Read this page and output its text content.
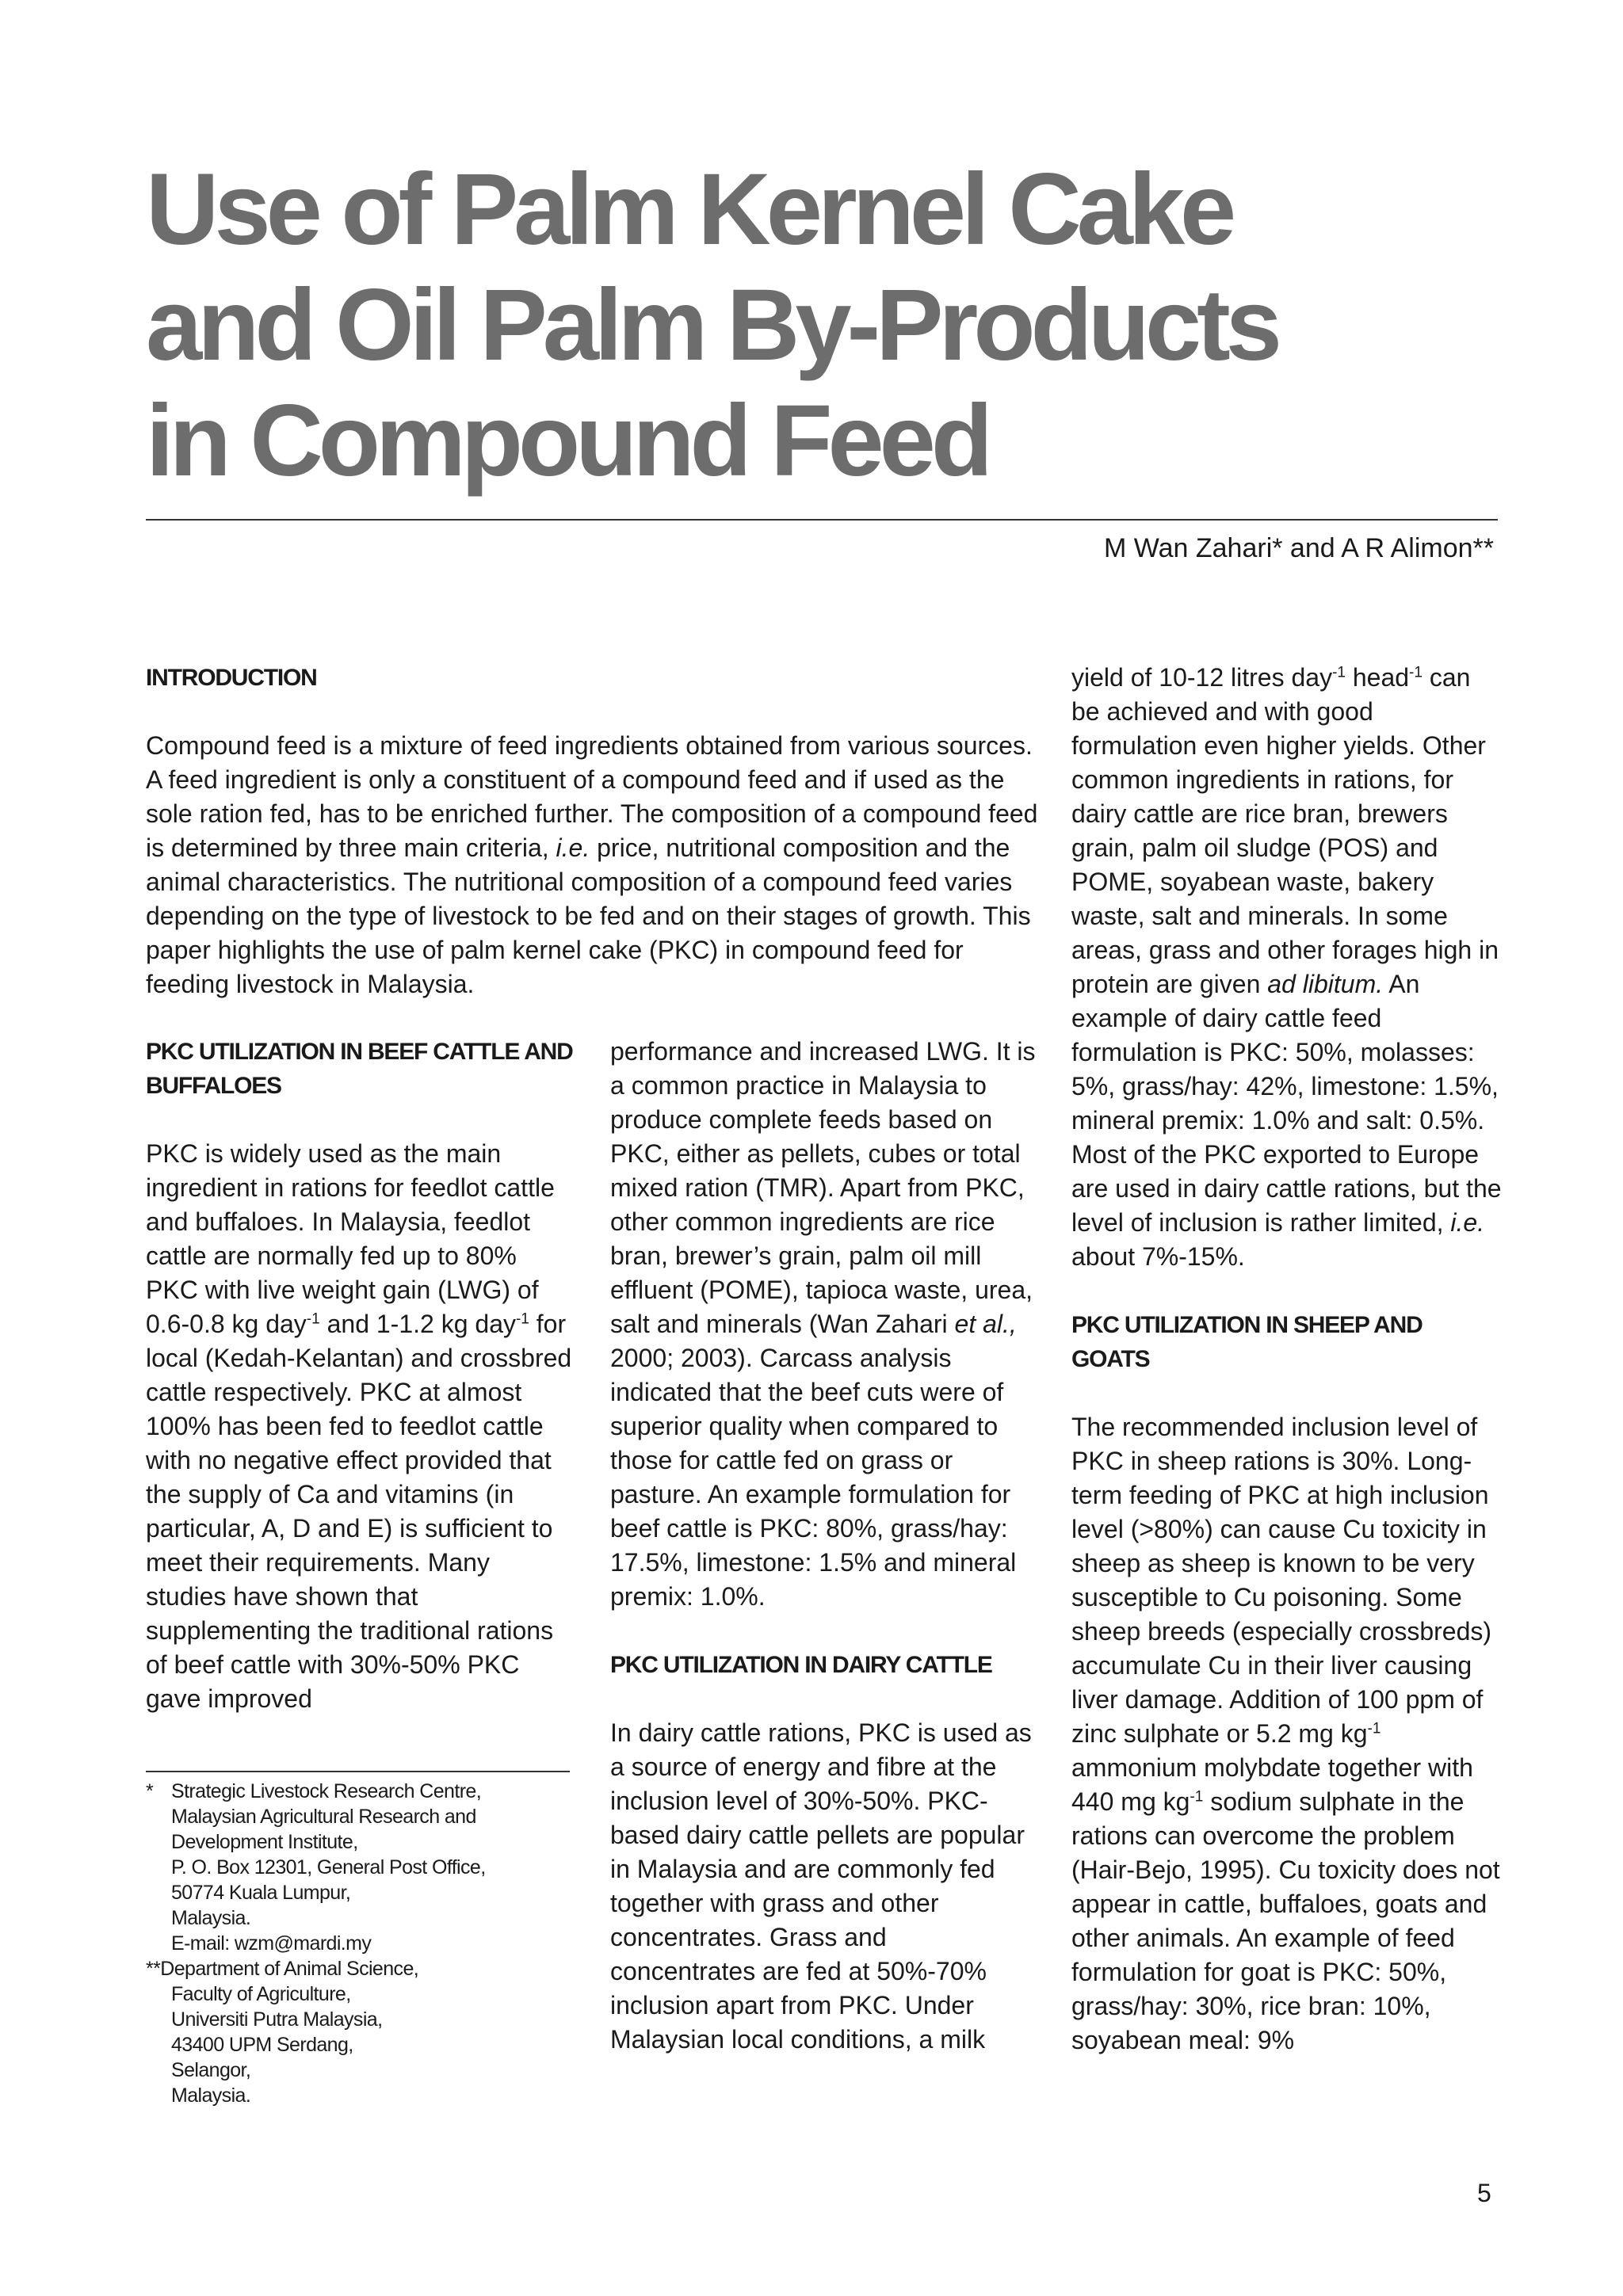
Use of Palm Kernel Cake
and Oil Palm By-Products
in Compound Feed
M Wan Zahari* and A R Alimon**

INTRODUCTION

Compound feed is a mixture of feed ingredients obtained from various sources. A feed ingredient is only a constituent of a compound feed and if used as the sole ration fed, has to be enriched further. The composition of a compound feed is determined by three main criteria, i.e. price, nutritional composition and the animal characteristics. The nutritional composition of a compound feed varies depending on the type of livestock to be fed and on their stages of growth. This paper highlights the use of palm kernel cake (PKC) in compound feed for feeding livestock in Malaysia.

PKC UTILIZATION IN BEEF CATTLE AND BUFFALOES

PKC is widely used as the main ingredient in rations for feedlot cattle and buffaloes. In Malaysia, feedlot cattle are normally fed up to 80% PKC with live weight gain (LWG) of 0.6-0.8 kg day$^{-1}$ and 1-1.2 kg day$^{-1}$ for local (Kedah-Kelantan) and crossbred cattle respectively. PKC at almost 100% has been fed to feedlot cattle with no negative effect provided that the supply of Ca and vitamins (in particular, A, D and E) is sufficient to meet their requirements. Many studies have shown that supplementing the traditional rations of beef cattle with 30%-50% PKC gave improved

* Strategic Livestock Research Centre,
Malaysian Agricultural Research and
Development Institute,
P. O. Box 12301, General Post Office,
50774 Kuala Lumpur,
Malaysia.
E-mail: wzm@mardi.my
**Department of Animal Science,
Faculty of Agriculture,
Universiti Putra Malaysia,
43400 UPM Serdang,
Selangor,
Malaysia.

performance and increased LWG. It is a common practice in Malaysia to produce complete feeds based on PKC, either as pellets, cubes or total mixed ration (TMR). Apart from PKC, other common ingredients are rice bran, brewer’s grain, palm oil mill effluent (POME), tapioca waste, urea, salt and minerals (Wan Zahari et al., 2000; 2003). Carcass analysis indicated that the beef cuts were of superior quality when compared to those for cattle fed on grass or pasture. An example formulation for beef cattle is PKC: 80%, grass/hay: 17.5%, limestone: 1.5% and mineral premix: 1.0%.

PKC UTILIZATION IN DAIRY CATTLE

In dairy cattle rations, PKC is used as a source of energy and fibre at the inclusion level of 30%-50%. PKC-based dairy cattle pellets are popular in Malaysia and are commonly fed together with grass and other concentrates. Grass and concentrates are fed at 50%-70% inclusion apart from PKC. Under Malaysian local conditions, a milk

yield of 10-12 litres day$^{-1}$ head$^{-1}$ can be achieved and with good formulation even higher yields. Other common ingredients in rations, for dairy cattle are rice bran, brewers grain, palm oil sludge (POS) and POME, soyabean waste, bakery waste, salt and minerals. In some areas, grass and other forages high in protein are given ad libitum. An example of dairy cattle feed formulation is PKC: 50%, molasses: 5%, grass/hay: 42%, limestone: 1.5%, mineral premix: 1.0% and salt: 0.5%. Most of the PKC exported to Europe are used in dairy cattle rations, but the level of inclusion is rather limited, i.e. about 7%-15%.

PKC UTILIZATION IN SHEEP AND GOATS

The recommended inclusion level of PKC in sheep rations is 30%. Long-term feeding of PKC at high inclusion level (>80%) can cause Cu toxicity in sheep as sheep is known to be very susceptible to Cu poisoning. Some sheep breeds (especially crossbreds) accumulate Cu in their liver causing liver damage. Addition of 100 ppm of zinc sulphate or 5.2 mg $kg^{-1}$ ammonium molybdate together with 440 mg $kg^{-1}$ sodium sulphate in the rations can overcome the problem (Hair-Bejo, 1995). Cu toxicity does not appear in cattle, buffaloes, goats and other animals. An example of feed formulation for goat is PKC: 50%, grass/hay: 30%, rice bran: 10%, soyabean meal: 9%

5
